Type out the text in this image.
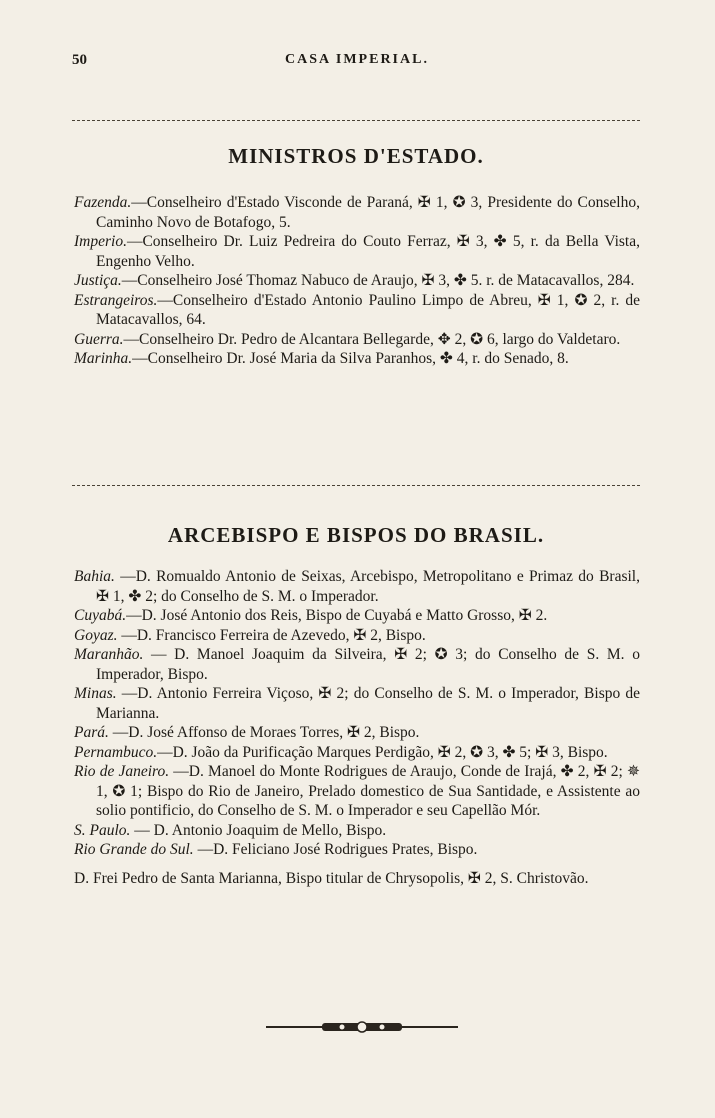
50	CASA IMPERIAL.
MINISTROS D'ESTADO.

Fazenda.—Conselheiro d'Estado Visconde de Paraná, ✠ 1, ✪ 3, Presidente do Conselho, Caminho Novo de Botafogo, 5.

Imperio.—Conselheiro Dr. Luiz Pedreira do Couto Ferraz, ✠ 3, ✤ 5, r. da Bella Vista, Engenho Velho.

Justiça.—Conselheiro José Thomaz Nabuco de Araujo, ✠ 3, ✤ 5. r. de Matacavallos, 284.

Estrangeiros.—Conselheiro d'Estado Antonio Paulino Limpo de Abreu, ✠ 1, ✪ 2, r. de Matacavallos, 64.

Guerra.—Conselheiro Dr. Pedro de Alcantara Bellegarde, ✥ 2, ✪ 6, largo do Valdetaro.

Marinha.—Conselheiro Dr. José Maria da Silva Paranhos, ✤ 4, r. do Senado, 8.

ARCEBISPO E BISPOS DO BRASIL.

Bahia. —D. Romualdo Antonio de Seixas, Arcebispo, Metropolitano e Primaz do Brasil, ✠ 1, ✤ 2; do Conselho de S. M. o Imperador.

Cuyabá.—D. José Antonio dos Reis, Bispo de Cuyabá e Matto Grosso, ✠ 2.

Goyaz. —D. Francisco Ferreira de Azevedo, ✠ 2, Bispo.

Maranhão. — D. Manoel Joaquim da Silveira, ✠ 2; ✪ 3; do Conselho de S. M. o Imperador, Bispo.

Minas. —D. Antonio Ferreira Viçoso, ✠ 2; do Conselho de S. M. o Imperador, Bispo de Marianna.

Pará. —D. José Affonso de Moraes Torres, ✠ 2, Bispo.

Pernambuco.—D. João da Purificação Marques Perdigão, ✠ 2, ✪ 3, ✤ 5; ✠ 3, Bispo.

Rio de Janeiro. —D. Manoel do Monte Rodrigues de Araujo, Conde de Irajá, ✤ 2, ✠ 2; ✵ 1, ✪ 1; Bispo do Rio de Janeiro, Prelado domestico de Sua Santidade, e Assistente ao solio pontificio, do Conselho de S. M. o Imperador e seu Capellão Mór.

S. Paulo. — D. Antonio Joaquim de Mello, Bispo.

Rio Grande do Sul. —D. Feliciano José Rodrigues Prates, Bispo.

D. Frei Pedro de Santa Marianna, Bispo titular de Chrysopolis, ✠ 2, S. Christovão.
